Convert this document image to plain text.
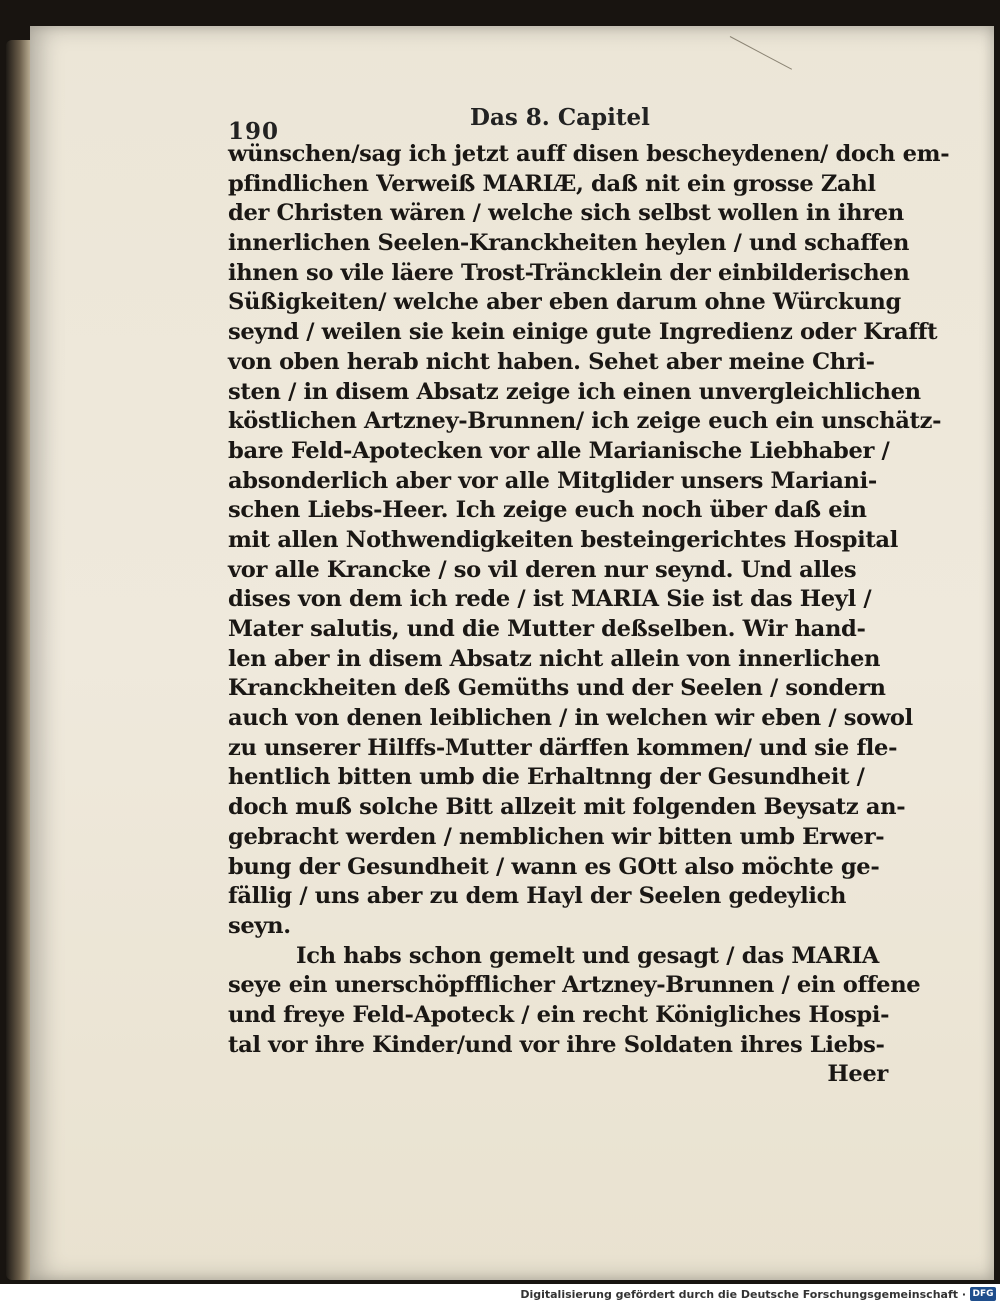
190
Das 8. Capitel
wünschen/sag ich jetzt auff disen bescheydenen/ doch em-
pfindlichen Verweiß MARIÆ, daß nit ein grosse Zahl
der Christen wären / welche sich selbst wollen in ihren
innerlichen Seelen-Kranckheiten heylen / und schaffen
ihnen so vile läere Trost-Träncklein der einbilderischen
Süßigkeiten/ welche aber eben darum ohne Würckung
seynd / weilen sie kein einige gute Ingredienz oder Krafft
von oben herab nicht haben. Sehet aber meine Chri-
sten / in disem Absatz zeige ich einen unvergleichlichen
köstlichen Artzney-Brunnen/ ich zeige euch ein unschätz-
bare Feld-Apotecken vor alle Marianische Liebhaber /
absonderlich aber vor alle Mitglider unsers Mariani-
schen Liebs-Heer. Ich zeige euch noch über daß ein
mit allen Nothwendigkeiten besteingerichtes Hospital
vor alle Krancke / so vil deren nur seynd. Und alles
dises von dem ich rede / ist MARIA Sie ist das Heyl /
Mater salutis, und die Mutter deßselben. Wir hand-
len aber in disem Absatz nicht allein von innerlichen
Kranckheiten deß Gemüths und der Seelen / sondern
auch von denen leiblichen / in welchen wir eben / sowol
zu unserer Hilffs-Mutter därffen kommen/ und sie fle-
hentlich bitten umb die Erhaltnng der Gesundheit /
doch muß solche Bitt allzeit mit folgenden Beysatz an-
gebracht werden / nemblichen wir bitten umb Erwer-
bung der Gesundheit / wann es GOtt also möchte ge-
fällig / uns aber zu dem Hayl der Seelen gedeylich
seyn.
Ich habs schon gemelt und gesagt / das MARIA
seye ein unerschöpfflicher Artzney-Brunnen / ein offene
und freye Feld-Apoteck / ein recht Königliches Hospi-
tal vor ihre Kinder/und vor ihre Soldaten ihres Liebs-
Heer
Digitalisierung gefördert durch die Deutsche Forschungsgemeinschaft · DFG
